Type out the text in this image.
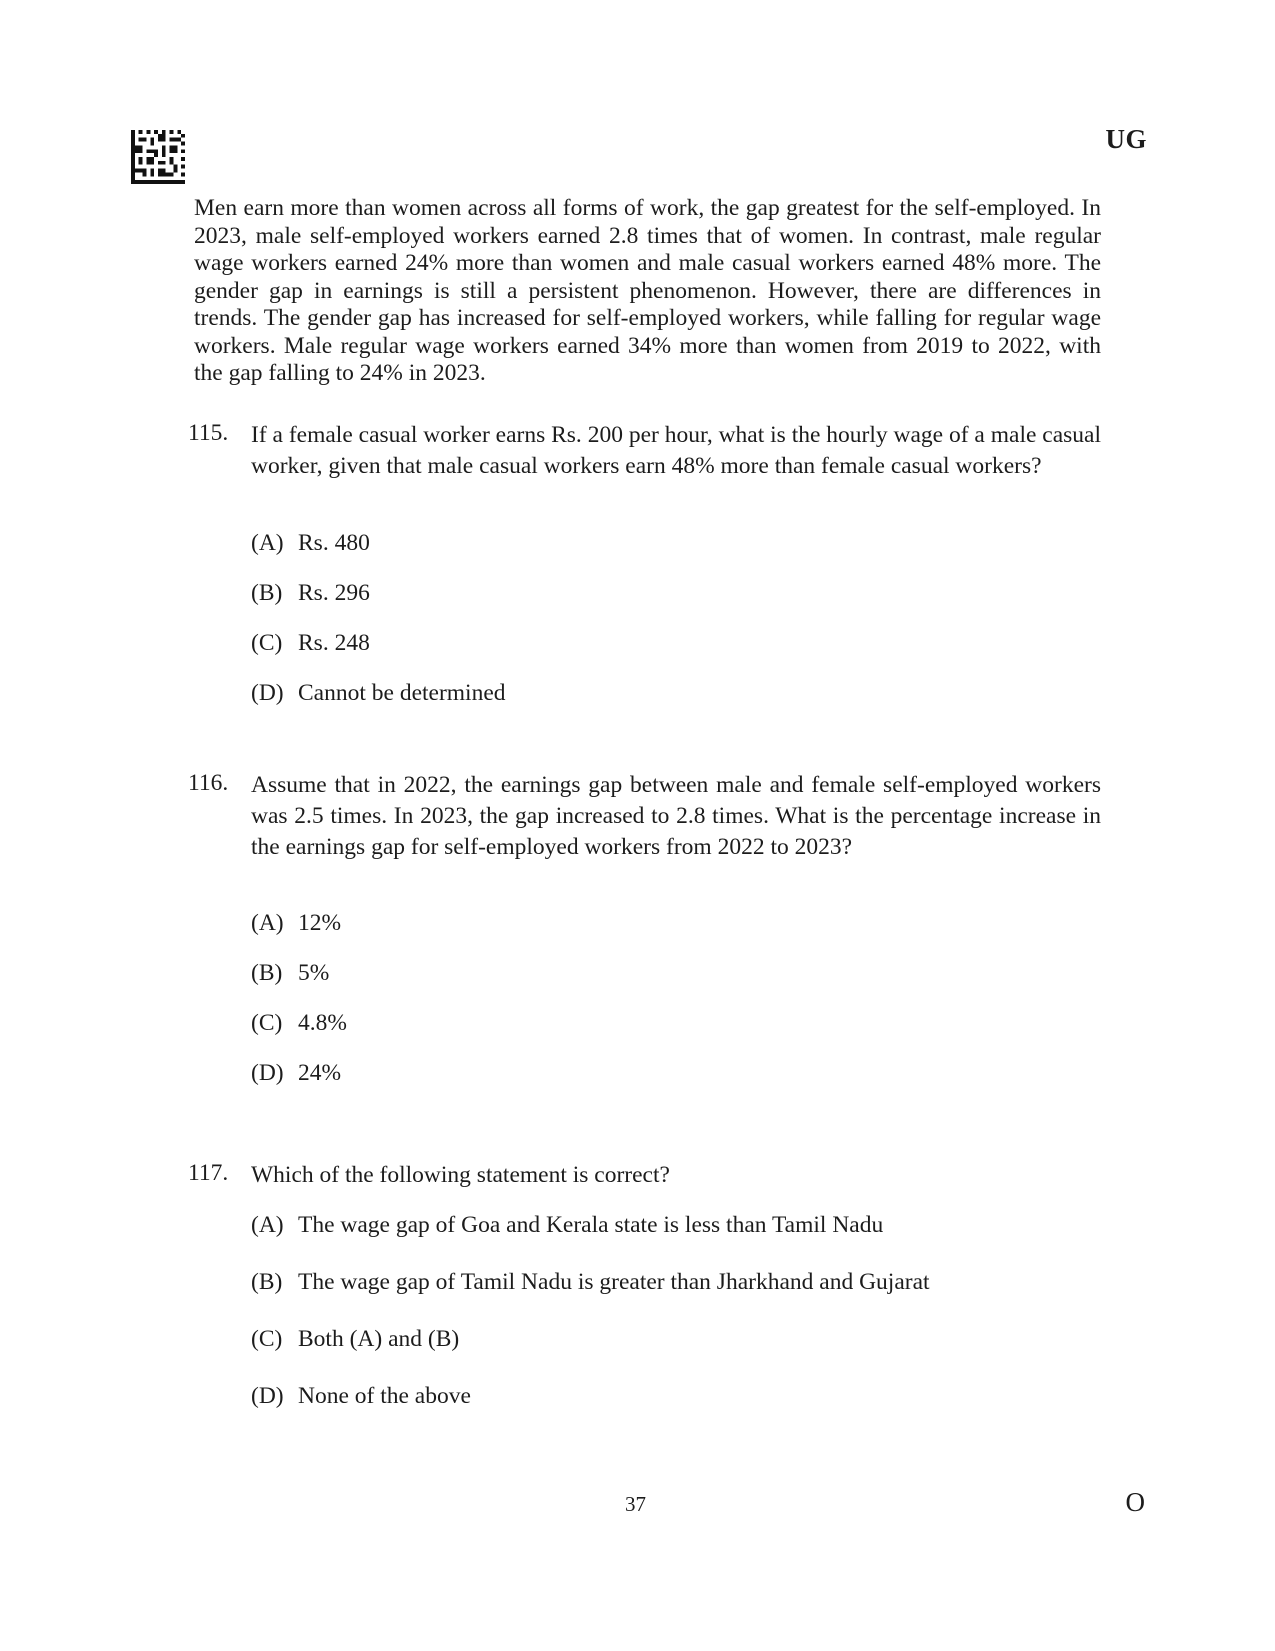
UG

Men earn more than women across all forms of work, the gap greatest for the self-employed. In 2023, male self-employed workers earned 2.8 times that of women. In contrast, male regular wage workers earned 24% more than women and male casual workers earned 48% more. The gender gap in earnings is still a persistent phenomenon. However, there are differences in trends. The gender gap has increased for self-employed workers, while falling for regular wage workers. Male regular wage workers earned 34% more than women from 2019 to 2022, with the gap falling to 24% in 2023.

115. If a female casual worker earns Rs. 200 per hour, what is the hourly wage of a male casual worker, given that male casual workers earn 48% more than female casual workers?
(A) Rs. 480
(B) Rs. 296
(C) Rs. 248
(D) Cannot be determined
116. Assume that in 2022, the earnings gap between male and female self-employed workers was 2.5 times. In 2023, the gap increased to 2.8 times. What is the percentage increase in the earnings gap for self-employed workers from 2022 to 2023?
(A) 12%
(B) 5%
(C) 4.8%
(D) 24%
117. Which of the following statement is correct?
(A) The wage gap of Goa and Kerala state is less than Tamil Nadu
(B) The wage gap of Tamil Nadu is greater than Jharkhand and Gujarat
(C) Both (A) and (B)
(D) None of the above
37	O
